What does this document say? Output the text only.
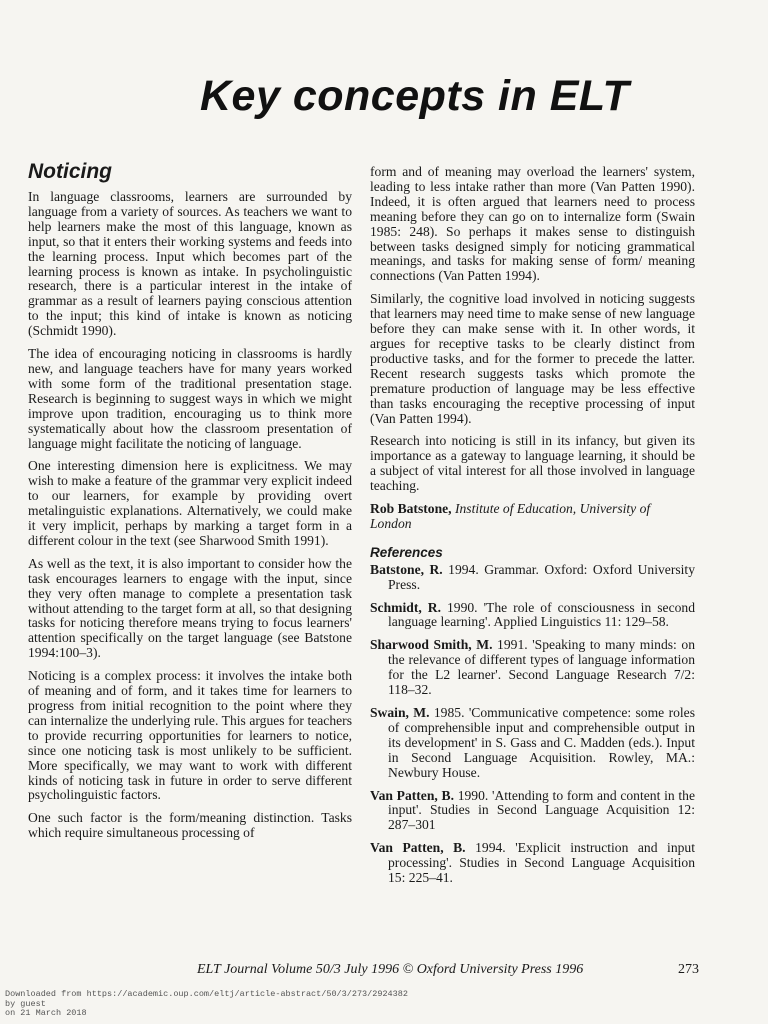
Key concepts in ELT
Noticing

In language classrooms, learners are surrounded by language from a variety of sources. As teachers we want to help learners make the most of this language, known as input, so that it enters their working systems and feeds into the learning process. Input which becomes part of the learning process is known as intake. In psycholinguistic research, there is a particular interest in the intake of grammar as a result of learners paying conscious attention to the input; this kind of intake is known as noticing (Schmidt 1990).

The idea of encouraging noticing in classrooms is hardly new, and language teachers have for many years worked with some form of the traditional presentation stage. Research is beginning to suggest ways in which we might improve upon tradition, encouraging us to think more systematically about how the classroom presentation of language might facilitate the noticing of language.

One interesting dimension here is explicitness. We may wish to make a feature of the grammar very explicit indeed to our learners, for example by providing overt metalinguistic explanations. Alternatively, we could make it very implicit, perhaps by marking a target form in a different colour in the text (see Sharwood Smith 1991).

As well as the text, it is also important to consider how the task encourages learners to engage with the input, since they very often manage to complete a presentation task without attending to the target form at all, so that designing tasks for noticing therefore means trying to focus learners' attention specifically on the target language (see Batstone 1994:100–3).

Noticing is a complex process: it involves the intake both of meaning and of form, and it takes time for learners to progress from initial recognition to the point where they can internalize the underlying rule. This argues for teachers to provide recurring opportunities for learners to notice, since one noticing task is most unlikely to be sufficient. More specifically, we may want to work with different kinds of noticing task in future in order to serve different psycholinguistic factors.

One such factor is the form/meaning distinction. Tasks which require simultaneous processing of

form and of meaning may overload the learners' system, leading to less intake rather than more (Van Patten 1990). Indeed, it is often argued that learners need to process meaning before they can go on to internalize form (Swain 1985: 248). So perhaps it makes sense to distinguish between tasks designed simply for noticing grammatical meanings, and tasks for making sense of form/ meaning connections (Van Patten 1994).

Similarly, the cognitive load involved in noticing suggests that learners may need time to make sense of new language before they can make sense with it. In other words, it argues for receptive tasks to be clearly distinct from productive tasks, and for the former to precede the latter. Recent research suggests tasks which promote the premature production of language may be less effective than tasks encouraging the receptive processing of input (Van Patten 1994).

Research into noticing is still in its infancy, but given its importance as a gateway to language learning, it should be a subject of vital interest for all those involved in language teaching.

Rob Batstone, Institute of Education, University of London

References

Batstone, R. 1994. Grammar. Oxford: Oxford University Press.

Schmidt, R. 1990. 'The role of consciousness in second language learning'. Applied Linguistics 11: 129–58.

Sharwood Smith, M. 1991. 'Speaking to many minds: on the relevance of different types of language information for the L2 learner'. Second Language Research 7/2: 118–32.

Swain, M. 1985. 'Communicative competence: some roles of comprehensible input and comprehensible output in its development' in S. Gass and C. Madden (eds.). Input in Second Language Acquisition. Rowley, MA.: Newbury House.

Van Patten, B. 1990. 'Attending to form and content in the input'. Studies in Second Language Acquisition 12: 287–301

Van Patten, B. 1994. 'Explicit instruction and input processing'. Studies in Second Language Acquisition 15: 225–41.

ELT Journal Volume 50/3 July 1996 © Oxford University Press 1996	273
Downloaded from https://academic.oup.com/eltj/article-abstract/50/3/273/2924382
by guest
on 21 March 2018
